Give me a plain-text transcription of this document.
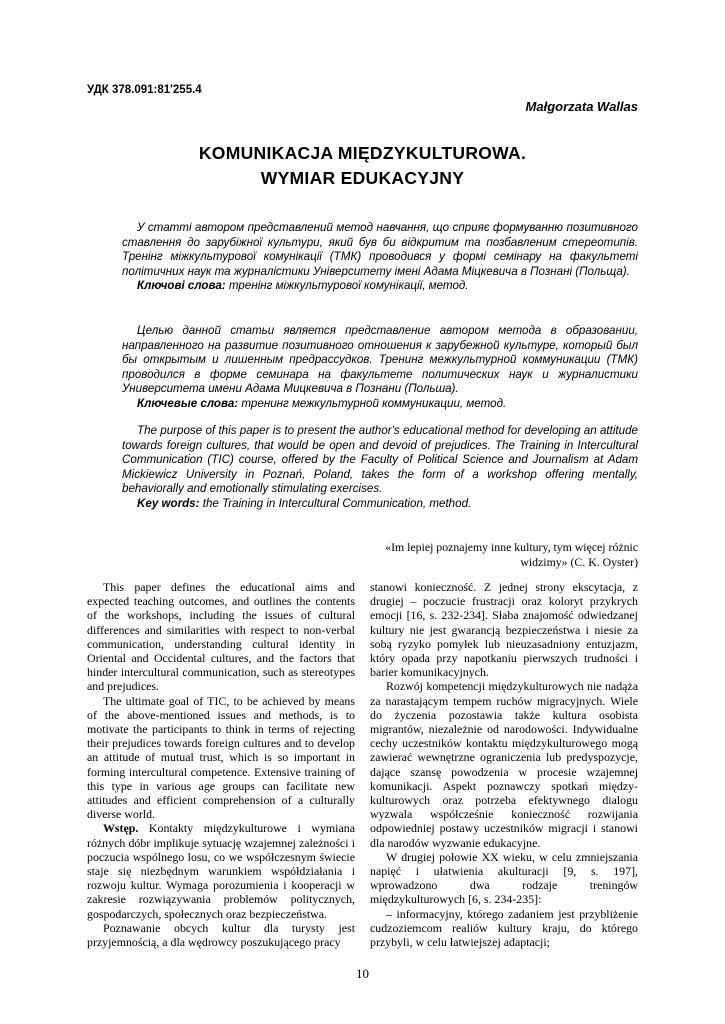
УДК 378.091:81'255.4
Małgorzata Wallas
KOMUNIKACJA MIĘDZYKULTUROWA.
WYMIAR EDUKACYJNY

У статті автором представлений метод навчання, що сприяє формуванню позитивного ставлення до зарубіжної культури, який був би відкритим та позбавленим стереотипів. Тренінг міжкультурової комунікації (ТМК) проводився у формі семінару на факультеті політичних наук та журналістики Університету імені Адама Міцкевича в Познані (Польща).

Ключові слова: тренінг міжкультурової комунікації, метод.

Целью данной статьи является представление автором метода в образовании, направленного на развитие позитивного отношения к зарубежной культуре, который был бы открытым и лишенным предрассудков. Тренинг межкультурной коммуникации (ТМК) проводился в форме семинара на факультете политических наук и журналистики Университета имени Адама Мицкевича в Познани (Польша).

Ключевые слова: тренинг межкультурной коммуникации, метод.

The purpose of this paper is to present the author's educational method for developing an attitude towards foreign cultures, that would be open and devoid of prejudices. The Training in Intercultural Communication (TIC) course, offered by the Faculty of Political Science and Journalism at Adam Mickiewicz University in Poznań, Poland, takes the form of a workshop offering mentally, behaviorally and emotionally stimulating exercises.

Key words: the Training in Intercultural Communication, method.

«Im lepiej poznajemy inne kultury, tym więcej różnic widzimy» (C. K. Oyster)

This paper defines the educational aims and expected teaching outcomes, and outlines the contents of the workshops, including the issues of cultural differences and similarities with respect to non-verbal communication, understanding cultural identity in Oriental and Occidental cultures, and the factors that hinder intercultural communication, such as stereotypes and prejudices.

The ultimate goal of TIC, to be achieved by means of the above-mentioned issues and methods, is to motivate the participants to think in terms of rejecting their prejudices towards foreign cultures and to develop an attitude of mutual trust, which is so important in forming intercultural competence. Extensive training of this type in various age groups can facilitate new attitudes and efficient comprehension of a culturally diverse world.

Wstęp. Kontakty międzykulturowe i wymiana różnych dóbr implikuje sytuację wzajemnej zależności i poczucia wspólnego losu, co we współczesnym świecie staje się niezbędnym warunkiem współdziałania i rozwoju kultur. Wymaga porozumienia i kooperacji w zakresie rozwiązywania problemów politycznych, gospodarczych, społecznych oraz bezpieczeństwa.

Poznawanie obcych kultur dla turysty jest przyjemnością, a dla wędrowcy poszukującego pracy

stanowi konieczność. Z jednej strony ekscytacja, z drugiej – poczucie frustracji oraz koloryt przykrych emocji [16, s. 232-234]. Słaba znajomość odwiedzanej kultury nie jest gwarancją bezpieczeństwa i niesie za sobą ryzyko pomyłek lub nieuzasadniony entuzjazm, który opada przy napotkaniu pierwszych trudności i barier komunikacyjnych.

Rozwój kompetencji międzykulturowych nie nadąża za narastającym tempem ruchów migracyjnych. Wiele do życzenia pozostawia także kultura osobista migrantów, niezależnie od narodowości. Indywidualne cechy uczestników kontaktu międzykulturowego mogą zawierać wewnętrzne ograniczenia lub predyspozycje, dające szansę powodzenia w procesie wzajemnej komunikacji. Aspekt poznawczy spotkań między-kulturowych oraz potrzeba efektywnego dialogu wyzwala współcześnie konieczność rozwijania odpowiedniej postawy uczestników migracji i stanowi dla narodów wyzwanie edukacyjne.

W drugiej połowie XX wieku, w celu zmniejszania napięć i ułatwienia akulturacji [9, s. 197], wprowadzono dwa rodzaje treningów międzykulturowych [6, s. 234-235]:

– informacyjny, którego zadaniem jest przybliżenie cudzoziemcom realiów kultury kraju, do którego przybyli, w celu łatwiejszej adaptacji;

10
